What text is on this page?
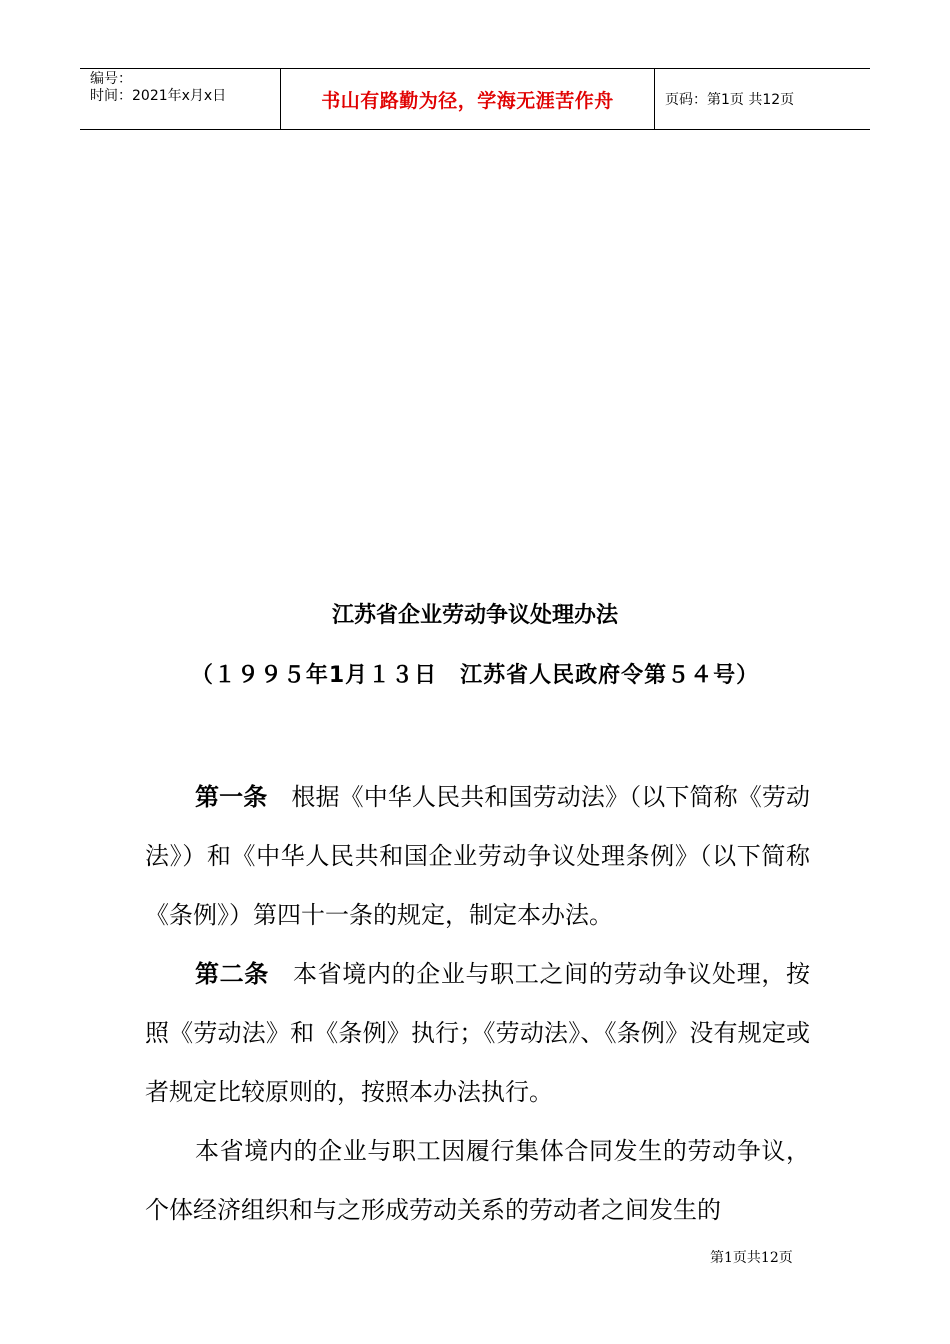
编号：
时间：2021年x月x日	书山有路勤为径，学海无涯苦作舟	页码：第1页 共12页
江苏省企业劳动争议处理办法
（１９９５年1月１３日　江苏省人民政府令第５４号）

第一条 根据《中华人民共和国劳动法》（以下简称《劳动法》）和《中华人民共和国企业劳动争议处理条例》（以下简称《条例》）第四十一条的规定，制定本办法。

第二条 本省境内的企业与职工之间的劳动争议处理，按照《劳动法》和《条例》执行；《劳动法》、《条例》没有规定或者规定比较原则的，按照本办法执行。

本省境内的企业与职工因履行集体合同发生的劳动争议，个体经济组织和与之形成劳动关系的劳动者之间发生的

第1页共12页
